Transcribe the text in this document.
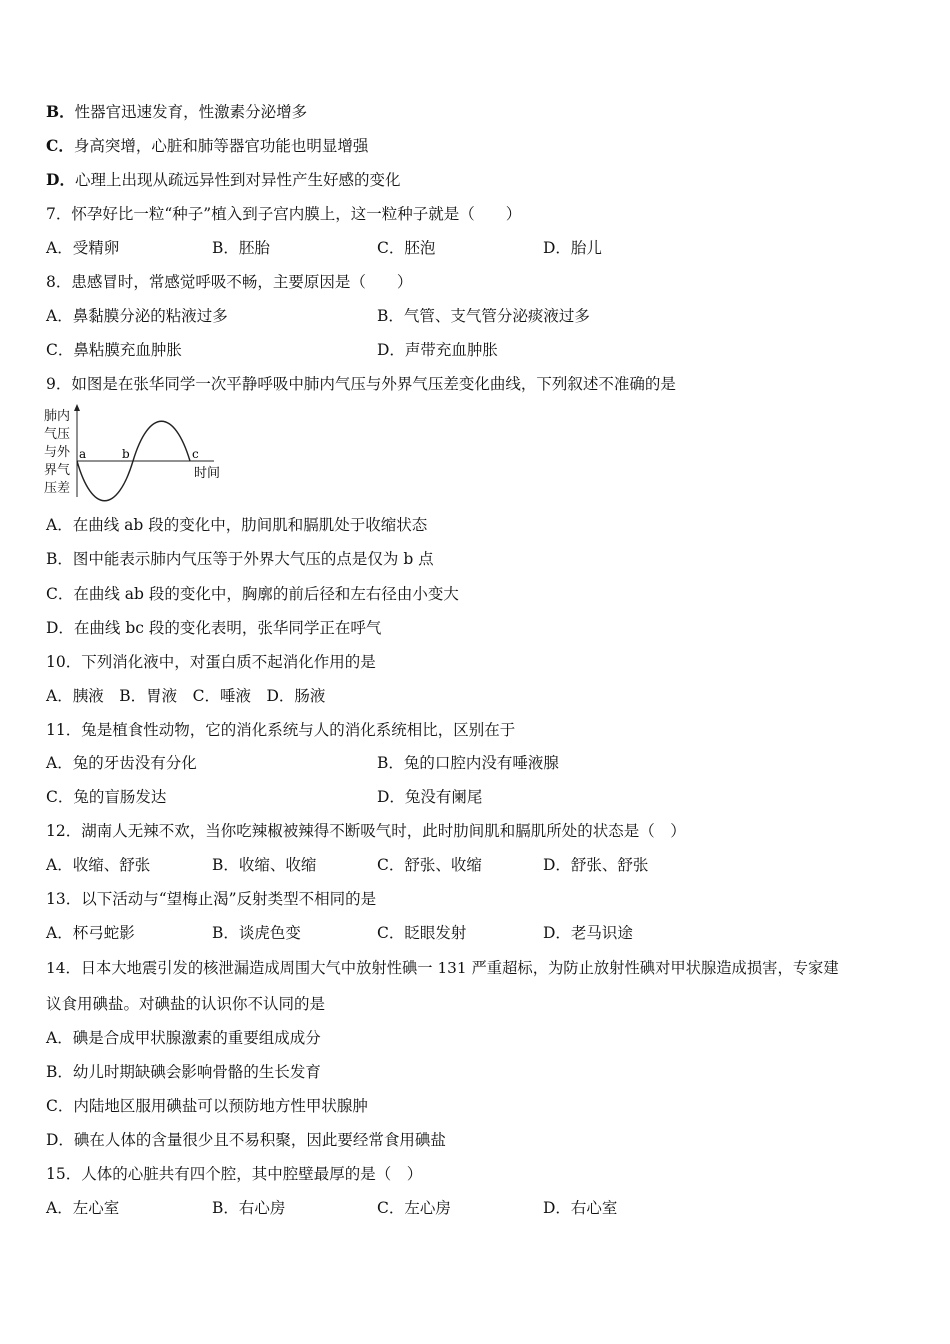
B．性器官迅速发育，性激素分泌增多
C．身高突增，心脏和肺等器官功能也明显增强
D．心理上出现从疏远异性到对异性产生好感的变化
7．怀孕好比一粒“种子”植入到子宫内膜上，这一粒种子就是（　　）
A．受精卵	B．胚胎	C．胚泡	D．胎儿
8．患感冒时，常感觉呼吸不畅，主要原因是（　　）
A．鼻黏膜分泌的粘液过多	B．气管、支气管分泌痰液过多
C．鼻粘膜充血肿胀	D．声带充血肿胀
9．如图是在张华同学一次平静呼吸中肺内气压与外界气压差变化曲线，下列叙述不准确的是
肺内
气压
与外
界气
压差
a	b	c
时间
A．在曲线 ab 段的变化中，肋间肌和膈肌处于收缩状态
B．图中能表示肺内气压等于外界大气压的点是仅为 b 点
C．在曲线 ab 段的变化中，胸廓的前后径和左右径由小变大
D．在曲线 bc 段的变化表明，张华同学正在呼气
10．下列消化液中，对蛋白质不起消化作用的是
A．胰液　B．胃液　C．唾液　D．肠液
11．兔是植食性动物，它的消化系统与人的消化系统相比，区别在于
A．兔的牙齿没有分化	B．兔的口腔内没有唾液腺
C．兔的盲肠发达	D．兔没有阑尾
12．湖南人无辣不欢，当你吃辣椒被辣得不断吸气时，此时肋间肌和膈肌所处的状态是（　）
A．收缩、舒张	B．收缩、收缩	C．舒张、收缩	D．舒张、舒张
13．以下活动与“望梅止渴”反射类型不相同的是
A．杯弓蛇影	B．谈虎色变	C．眨眼发射	D．老马识途
14．日本大地震引发的核泄漏造成周围大气中放射性碘一 131 严重超标，为防止放射性碘对甲状腺造成损害，专家建
议食用碘盐。对碘盐的认识你不认同的是
A．碘是合成甲状腺激素的重要组成成分
B．幼儿时期缺碘会影响骨骼的生长发育
C．内陆地区服用碘盐可以预防地方性甲状腺肿
D．碘在人体的含量很少且不易积聚，因此要经常食用碘盐
15．人体的心脏共有四个腔，其中腔壁最厚的是（　）
A．左心室	B．右心房	C．左心房	D．右心室
